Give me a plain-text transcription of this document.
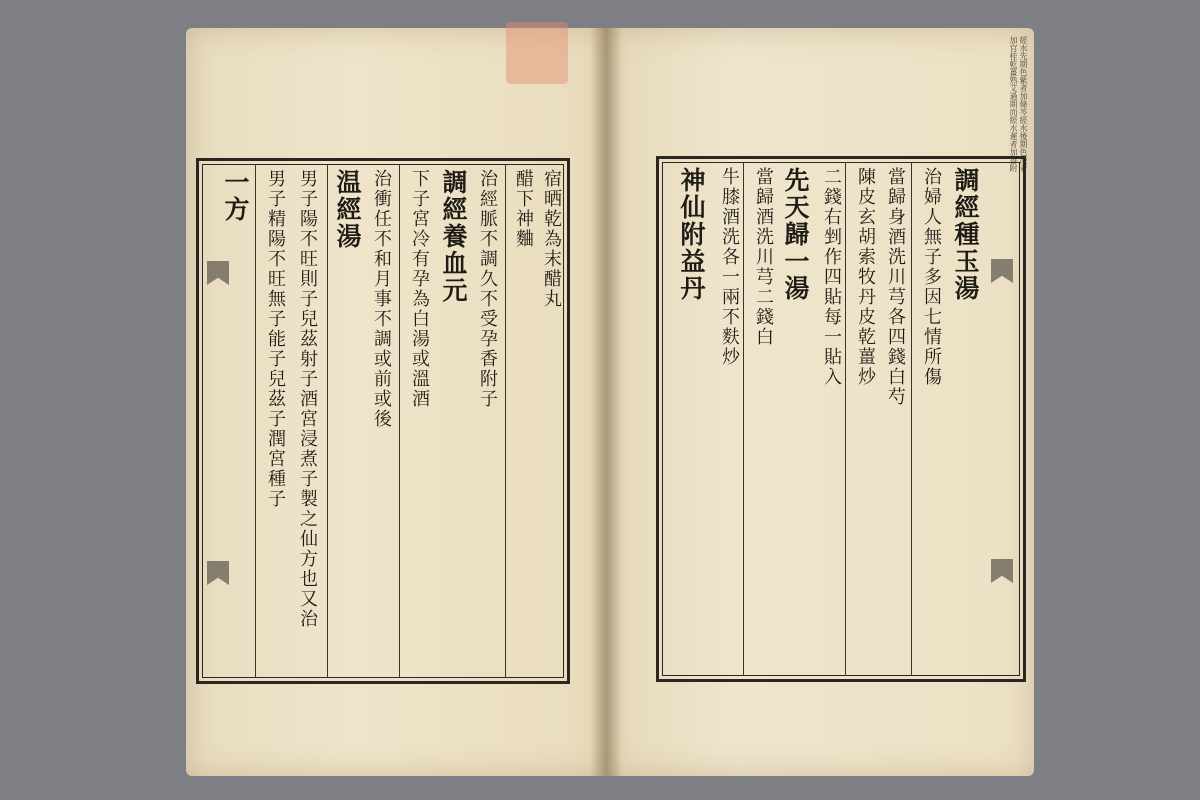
一方 男子精陽不旺無子能子兒茲子潤宮種子 男子陽不旺則子兒茲射子酒宮浸煮子製之仙方也又治 温經湯 治衝任不和月事不調或前或後 下子宮冷有孕為白湯或溫酒 調經養血元 治經脈不調久不受孕香附子 醋下神麯 宿晒乾為末醋丸
經水先期色紫者加條芩經水後期色淡者加官桂乾薑熟艾過期而經水遲者加香附
調經種玉湯
治婦人無子多因七情所傷
當歸身酒洗川芎各四錢白芍
陳皮玄胡索牧丹皮乾薑炒
二錢右剉作四貼每一貼入
先天歸一湯
當歸酒洗川芎二錢白
牛膝酒洗各一兩不麩炒
神仙附益丹
